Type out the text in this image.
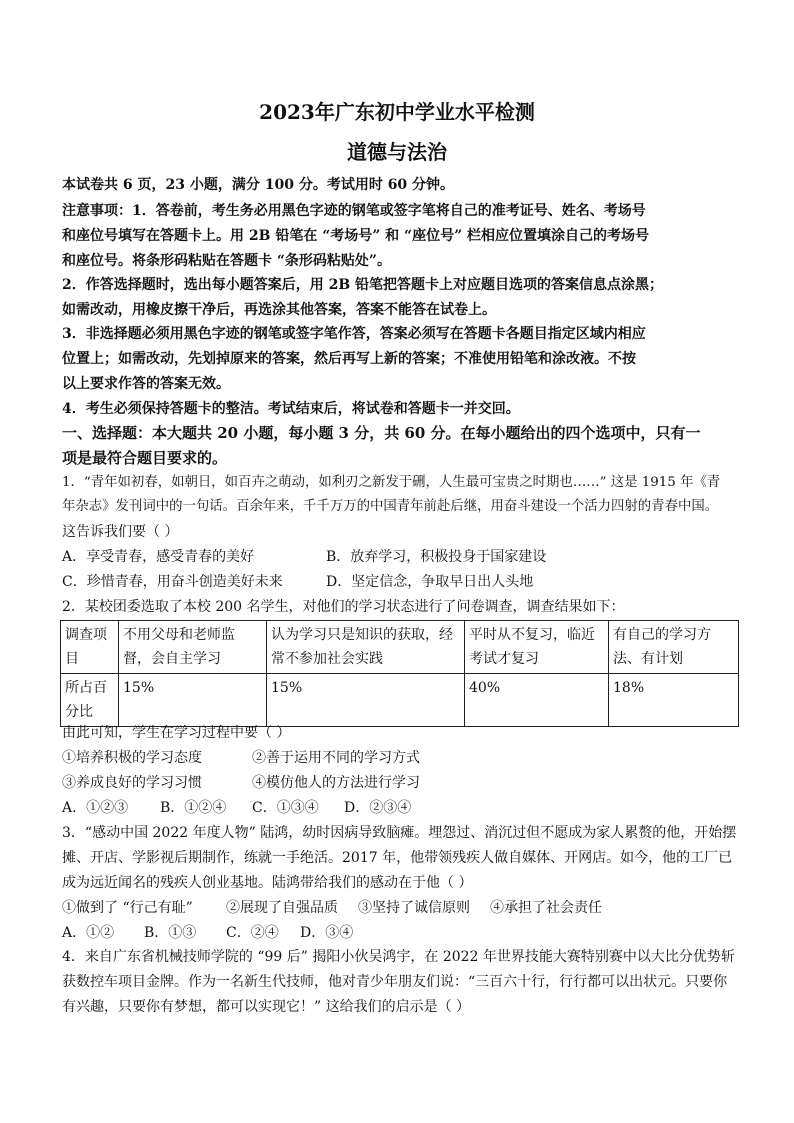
2023年广东初中学业水平检测
道德与法治
本试卷共 6 页，23 小题，满分 100 分。考试用时 60 分钟。
注意事项：1．答卷前，考生务必用黑色字迹的钢笔或签字笔将自己的准考证号、姓名、考场号
和座位号填写在答题卡上。用 2B 铅笔在 “考场号” 和 “座位号” 栏相应位置填涂自己的考场号
和座位号。将条形码粘贴在答题卡 “条形码粘贴处”。
2．作答选择题时，选出每小题答案后，用 2B 铅笔把答题卡上对应题目选项的答案信息点涂黑；
如需改动，用橡皮擦干净后，再选涂其他答案，答案不能答在试卷上。
3．非选择题必须用黑色字迹的钢笔或签字笔作答，答案必须写在答题卡各题目指定区域内相应
位置上；如需改动，先划掉原来的答案，然后再写上新的答案；不准使用铅笔和涂改液。不按
以上要求作答的答案无效。
4．考生必须保持答题卡的整洁。考试结束后，将试卷和答题卡一并交回。
一、选择题：本大题共 20 小题，每小题 3 分，共 60 分。在每小题给出的四个选项中，只有一
项是最符合题目要求的。
1．“青年如初春，如朝日，如百卉之萌动，如利刃之新发于硎，人生最可宝贵之时期也……” 这是 1915 年《青
年杂志》发刊词中的一句话。百余年来，千千万万的中国青年前赴后继，用奋斗建设一个活力四射的青春中国。
这告诉我们要（ ）
A．享受青春，感受青春的美好	B．放弃学习，积极投身于国家建设
C．珍惜青春，用奋斗创造美好未来	D．坚定信念，争取早日出人头地
2．某校团委选取了本校 200 名学生，对他们的学习状态进行了问卷调查，调查结果如下：
调查项目	不用父母和老师监督，会自主学习	认为学习只是知识的获取，经常不参加社会实践	平时从不复习，临近考试才复习	有自己的学习方法、有计划
所占百分比	15%	15%	40%	18%
由此可知，学生在学习过程中要（ ）
①培养积极的学习态度	②善于运用不同的学习方式
③养成良好的学习习惯	④模仿他人的方法进行学习
A．①②③ B．①②④ C．①③④ D．②③④
3．“感动中国 2022 年度人物” 陆鸿，幼时因病导致脑瘫。埋怨过、消沉过但不愿成为家人累赘的他，开始摆
摊、开店、学影视后期制作，练就一手绝活。2017 年，他带领残疾人做自媒体、开网店。如今，他的工厂已
成为远近闻名的残疾人创业基地。陆鸿带给我们的感动在于他（ ）
①做到了 “行己有耻” ②展现了自强品质 ③坚持了诚信原则 ④承担了社会责任
A．①② B．①③ C．②④ D．③④
4．来自广东省机械技师学院的 “99 后” 揭阳小伙吴鸿宇，在 2022 年世界技能大赛特别赛中以大比分优势斩
获数控车项目金牌。作为一名新生代技师，他对青少年朋友们说：“三百六十行，行行都可以出状元。只要你
有兴趣，只要你有梦想，都可以实现它！” 这给我们的启示是（ ）
